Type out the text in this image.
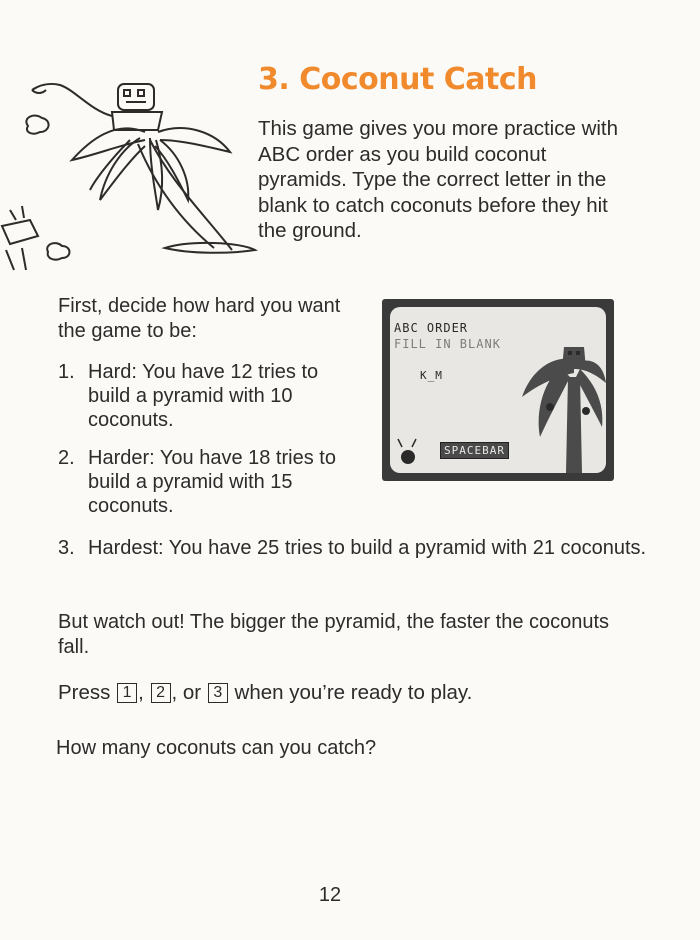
3. Coconut Catch

This game gives you more practice with ABC order as you build coconut pyramids. Type the correct letter in the blank to catch coconuts before they hit the ground.

First, decide how hard you want the game to be:

1. Hard: You have 12 tries to build a pyramid with 10 coconuts.
2. Harder: You have 18 tries to build a pyramid with 15 coconuts.
3. Hardest: You have 25 tries to build a pyramid with 21 coconuts.
ABC ORDER
FILL IN BLANK
K_M
SPACEBAR

But watch out! The bigger the pyramid, the faster the coconuts fall.

Press 1 , 2 , or 3 when you’re ready to play.

How many coconuts can you catch?

12
